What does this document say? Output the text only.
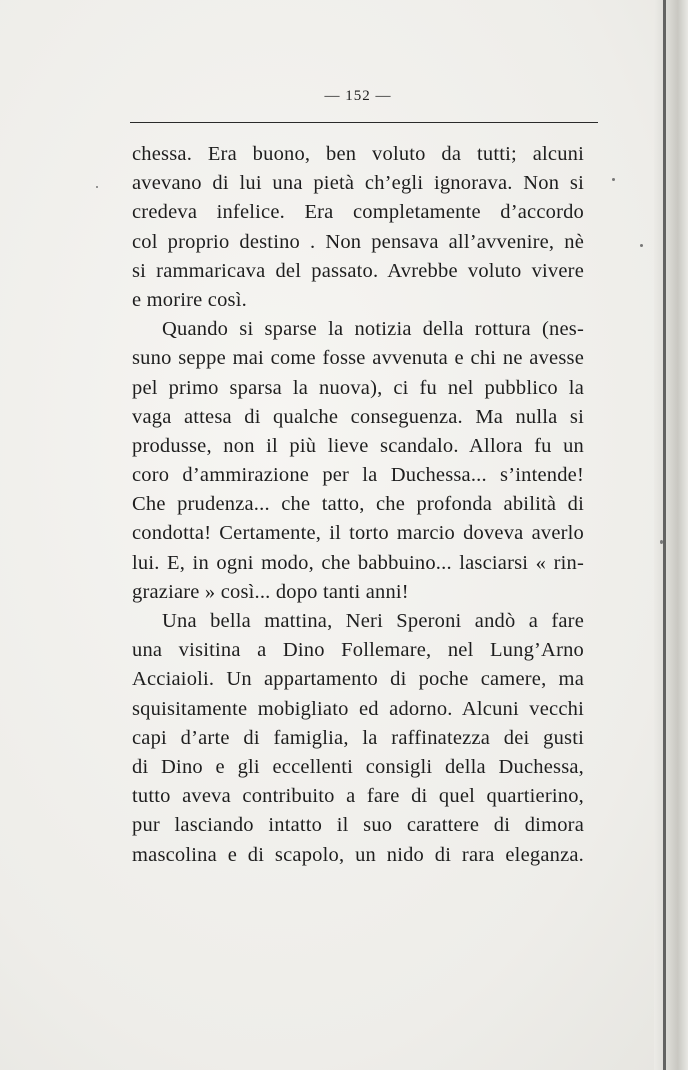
— 152 —
chessa. Era buono, ben voluto da tutti; alcuni
avevano di lui una pietà ch’egli ignorava. Non si
credeva infelice. Era completamente d’accordo
col proprio destino . Non pensava all’avvenire, nè
si rammaricava del passato. Avrebbe voluto vivere
e morire così.
Quando si sparse la notizia della rottura (nes-
suno seppe mai come fosse avvenuta e chi ne avesse
pel primo sparsa la nuova), ci fu nel pubblico la
vaga attesa di qualche conseguenza. Ma nulla si
produsse, non il più lieve scandalo. Allora fu un
coro d’ammirazione per la Duchessa... s’intende!
Che prudenza... che tatto, che profonda abilità di
condotta! Certamente, il torto marcio doveva averlo
lui. E, in ogni modo, che babbuino... lasciarsi « rin-
graziare » così... dopo tanti anni!
Una bella mattina, Neri Speroni andò a fare
una visitina a Dino Follemare, nel Lung’Arno
Acciaioli. Un appartamento di poche camere, ma
squisitamente mobigliato ed adorno. Alcuni vecchi
capi d’arte di famiglia, la raffinatezza dei gusti
di Dino e gli eccellenti consigli della Duchessa,
tutto aveva contribuito a fare di quel quartierino,
pur lasciando intatto il suo carattere di dimora
mascolina e di scapolo, un nido di rara eleganza.
